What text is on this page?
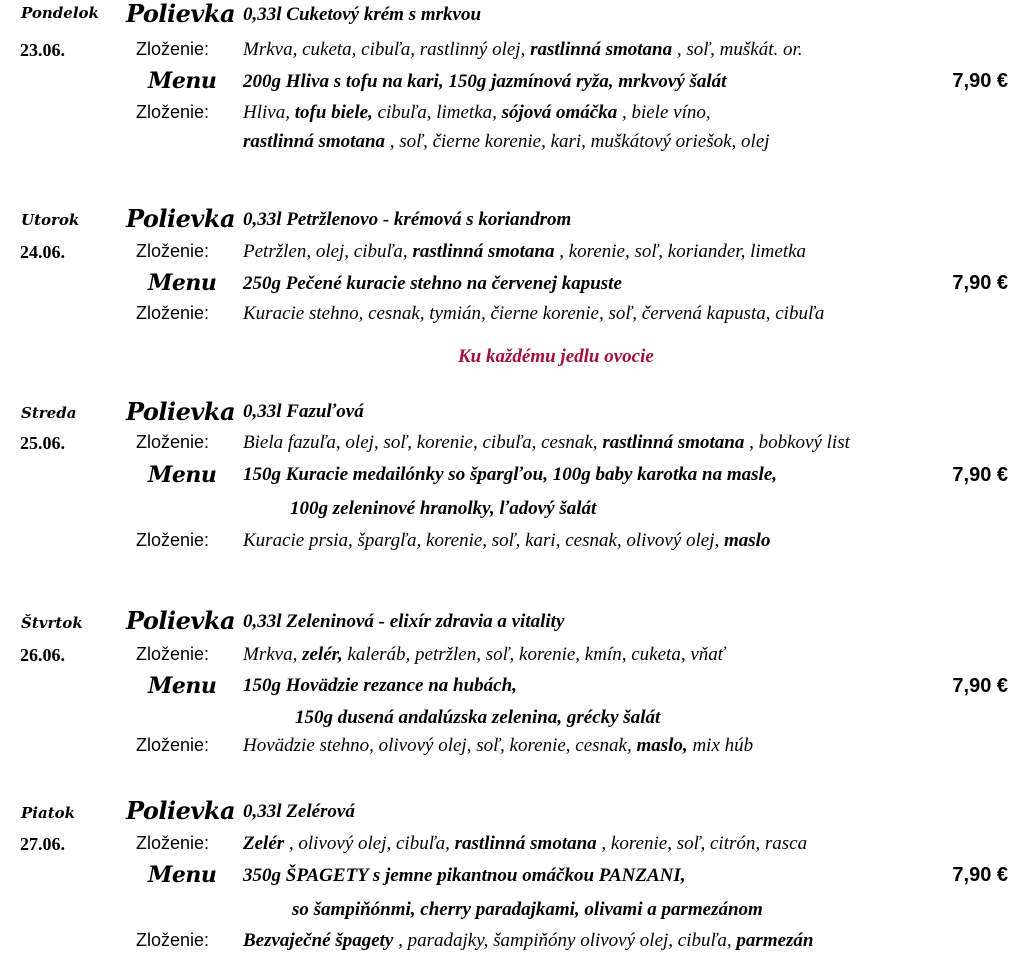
Pondelok Polievka 0,33l Cuketový krém s mrkvou
23.06.	Zloženie: Mrkva, cuketa, cibuľa, rastlinný olej, rastlinná smotana , soľ, muškát. or.
Menu 200g Hliva s tofu na kari, 150g jazmínová ryža, mrkvový šalát	7,90 €
Zloženie: Hliva, tofu biele, cibuľa, limetka, sójová omáčka , biele víno,
rastlinná smotana , soľ, čierne korenie, kari, muškátový oriešok, olej
Utorok Polievka 0,33l Petržlenovo - krémová s koriandrom
24.06.	Zloženie: Petržlen, olej, cibuľa, rastlinná smotana , korenie, soľ, koriander, limetka
Menu 250g Pečené kuracie stehno na červenej kapuste	7,90 €
Zloženie: Kuracie stehno, cesnak, tymián, čierne korenie, soľ, červená kapusta, cibuľa
Ku každému jedlu ovocie
Streda Polievka 0,33l Fazuľová
25.06.	Zloženie: Biela fazuľa, olej, soľ, korenie, cibuľa, cesnak, rastlinná smotana , bobkový list
Menu 150g Kuracie medailónky so špargľou, 100g baby karotka na masle,	7,90 €
100g zeleninové hranolky, ľadový šalát
Zloženie: Kuracie prsia, špargľa, korenie, soľ, kari, cesnak, olivový olej, maslo
Štvrtok Polievka 0,33l Zeleninová - elixír zdravia a vitality
26.06.	Zloženie: Mrkva, zelér, kaleráb, petržlen, soľ, korenie, kmín, cuketa, vňať
Menu 150g Hovädzie rezance na hubách,	7,90 €
150g dusená andalúzska zelenina, grécky šalát
Zloženie: Hovädzie stehno, olivový olej, soľ, korenie, cesnak, maslo, mix húb
Piatok Polievka 0,33l Zelérová
27.06.	Zloženie: Zelér , olivový olej, cibuľa, rastlinná smotana , korenie, soľ, citrón, rasca
Menu 350g ŠPAGETY s jemne pikantnou omáčkou PANZANI,	7,90 €
so šampiňónmi, cherry paradajkami, olivami a parmezánom
Zloženie: Bezvaječné špagety , paradajky, šampiňóny olivový olej, cibuľa, parmezán
